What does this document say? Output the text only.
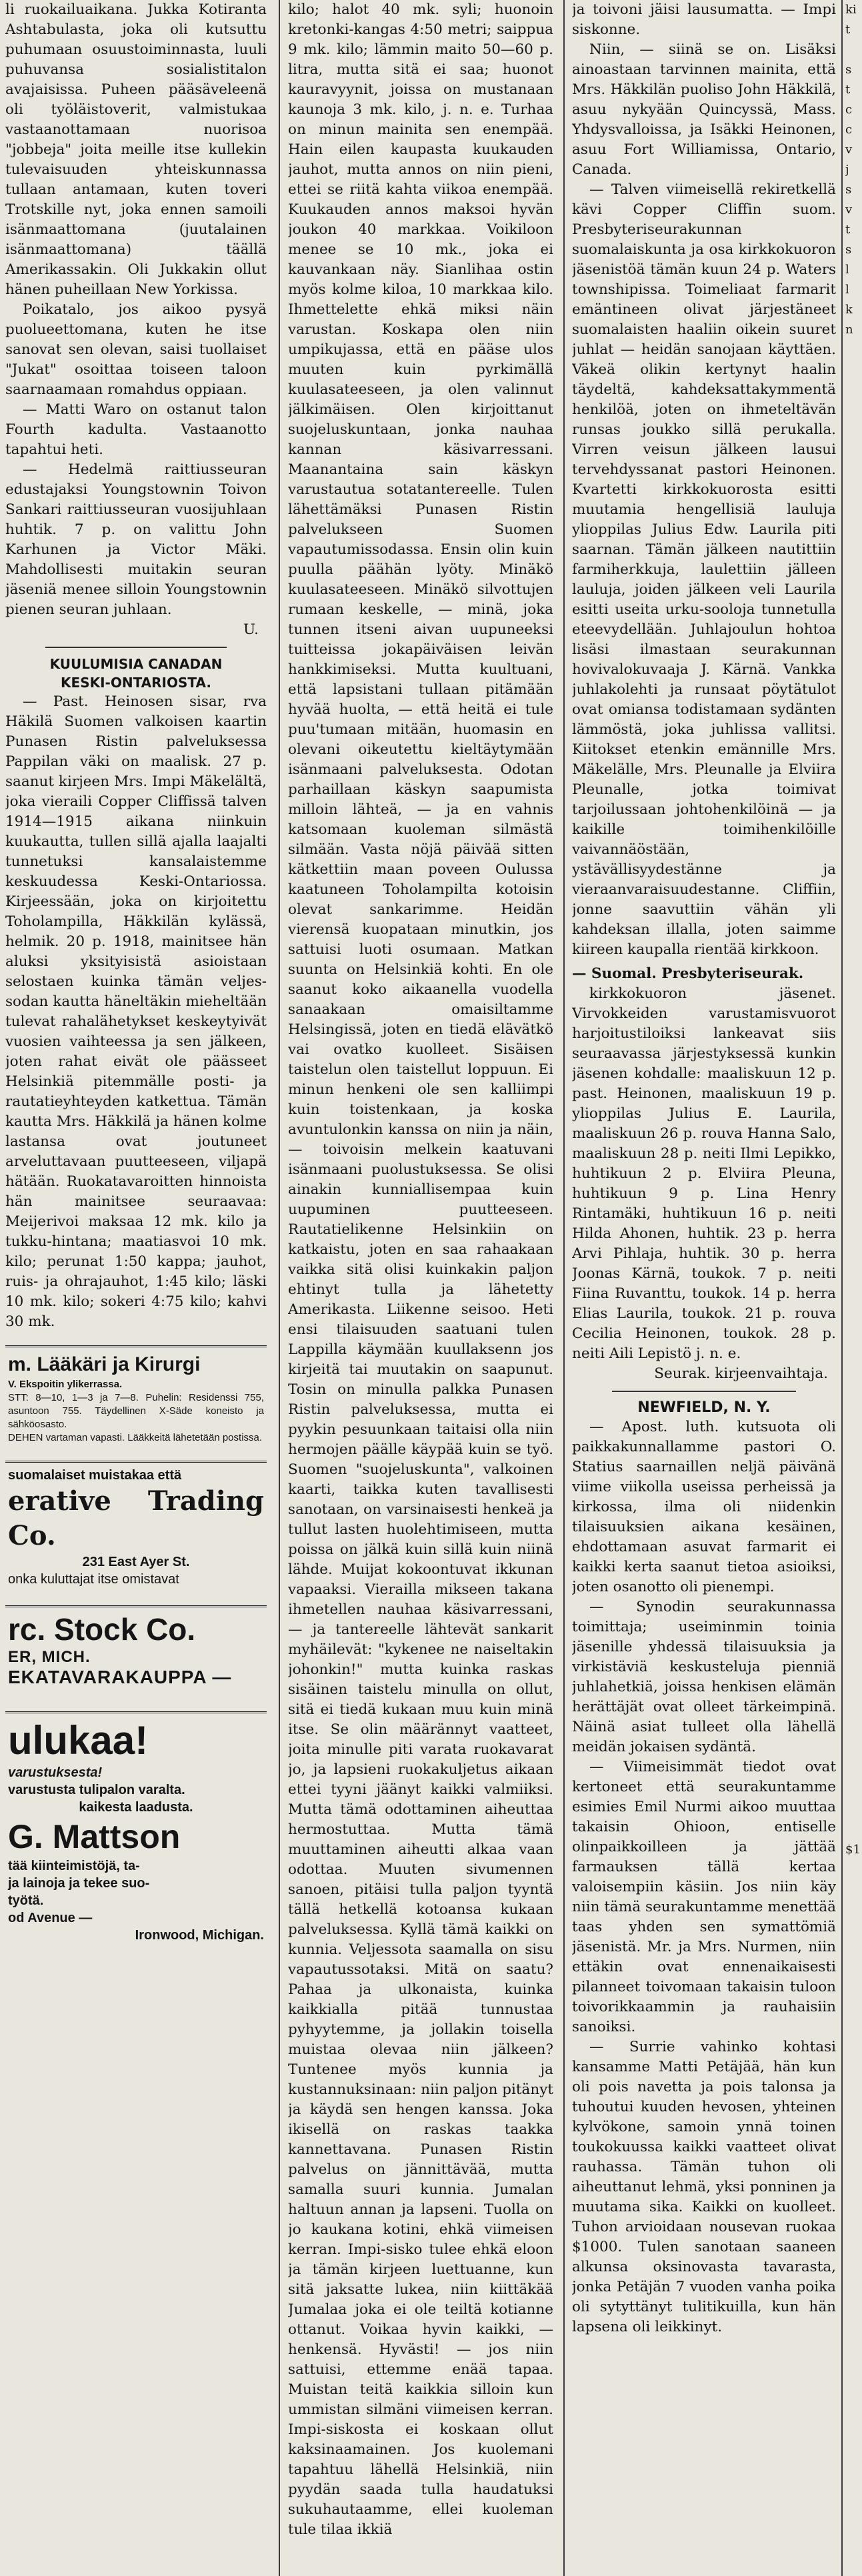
li ruokailuaikana. Jukka Kotiranta Ashtabulasta, joka oli kutsuttu puhumaan osuustoiminnasta, luuli puhuvansa sosialistitalon avajaisissa. Puheen pääsäveleenä oli työläistoverit, valmistukaa vastaanottamaan nuorisoa "jobbeja" joita meille itse kullekin tulevaisuuden yhteiskunnassa tullaan antamaan, kuten toveri Trotskille nyt, joka ennen samoili isänmaattomana (juutalainen isänmaattomana) täällä Amerikassakin. Oli Jukkakin ollut hänen puheillaan New Yorkissa.

Poikatalo, jos aikoo pysyä puolueettomana, kuten he itse sanovat sen olevan, saisi tuollaiset "Jukat" osoittaa toiseen taloon saarnaamaan romahdus oppiaan.

— Matti Waro on ostanut talon Fourth kadulta. Vastaanotto tapahtui heti.

— Hedelmä raittiusseuran edustajaksi Youngstownin Toivon Sankari raittiusseuran vuosijuhlaan huhtik. 7 p. on valittu John Karhunen ja Victor Mäki. Mahdollisesti muitakin seuran jäseniä menee silloin Youngstownin pienen seuran juhlaan.

U.

KUULUMISIA CANADAN

KESKI-ONTARIOSTA.

— Past. Heinosen sisar, rva Häkilä Suomen valkoisen kaartin Punasen Ristin palveluksessa Pappilan väki on maalisk. 27 p. saanut kirjeen Mrs. Impi Mäkelältä, joka vieraili Copper Cliffissä talven 1914—1915 aikana niinkuin kuukautta, tullen sillä ajalla laajalti tunnetuksi kansalaistemme keskuudessa Keski-Ontariossa. Kirjeessään, joka on kirjoitettu Toholampilla, Häkkilän kylässä, helmik. 20 p. 1918, mainitsee hän aluksi yksityisistä asioistaan selostaen kuinka tämän veljes-sodan kautta häneltäkin mieheltään tulevat rahalähetykset keskeytyivät vuosien vaihteessa ja sen jälkeen, joten rahat eivät ole päässeet Helsinkiä pitemmälle posti- ja rautatieyhteyden katkettua. Tämän kautta Mrs. Häkkilä ja hänen kolme lastansa ovat joutuneet arveluttavaan puutteeseen, viljapä hätään. Ruokatavaroitten hinnoista hän mainitsee seuraavaa: Meijerivoi maksaa 12 mk. kilo ja tukku-hintana; maatiasvoi 10 mk. kilo; perunat 1:50 kappa; jauhot, ruis- ja ohrajauhot, 1:45 kilo; läski 10 mk. kilo; sokeri 4:75 kilo; kahvi 30 mk.

m. Lääkäri ja Kirurgi
V. Ekspoitin ylikerrassa.
STT: 8—10, 1—3 ja 7—8. Puhelin: Residenssi 755, asuntoon 755. Täydellinen X-Säde koneisto ja sähköosasto.
DEHEN vartaman vapasti. Lääkkeitä lähetetään postissa.
suomalaiset muistakaa että
erative Trading Co.
231 East Ayer St.
onka kuluttajat itse omistavat
rc. Stock Co.
ER, MICH.
EKATAVARAKAUPPA —
ulukaa!
varustuksesta!
varustusta tulipalon varalta.
kaikesta laadusta.
G. Mattson
tää kiinteimistöjä, ta-
ja lainoja ja tekee suo-
työtä.
od Avenue —
Ironwood, Michigan.

kilo; halot 40 mk. syli; huonoin kretonki-kangas 4:50 metri; saippua 9 mk. kilo; lämmin maito 50—60 p. litra, mutta sitä ei saa; huonot kauravyynit, joissa on mustanaan kaunoja 3 mk. kilo, j. n. e. Turhaa on minun mainita sen enempää. Hain eilen kaupasta kuukauden jauhot, mutta annos on niin pieni, ettei se riitä kahta viikoa enempää. Kuukauden annos maksoi hyvän joukon 40 markkaa. Voikiloon menee se 10 mk., joka ei kauvankaan näy. Sianlihaa ostin myös kolme kiloa, 10 markkaa kilo. Ihmettelette ehkä miksi näin varustan. Koskapa olen niin umpikujassa, että en pääse ulos muuten kuin pyrkimällä kuulasateeseen, ja olen valinnut jälkimäisen. Olen kirjoittanut suojeluskuntaan, jonka nauhaa kannan käsivarressani. Maanantaina sain käskyn varustautua sotatantereelle. Tulen lähettämäksi Punasen Ristin palvelukseen Suomen vapautumissodassa. Ensin olin kuin puulla päähän lyöty. Minäkö kuulasateeseen. Minäkö silvottujen rumaan keskelle, — minä, joka tunnen itseni aivan uupuneeksi tuitteissa jokapäiväisen leivän hankkimiseksi. Mutta kuultuani, että lapsistani tullaan pitämään hyvää huolta, — että heitä ei tule puu'tumaan mitään, huomasin en olevani oikeutettu kieltäytymään isänmaani palveluksesta. Odotan parhaillaan käskyn saapumista milloin lähteä, — ja en vahnis katsomaan kuoleman silmästä silmään. Vasta nöjä päivää sitten kätkettiin maan poveen Oulussa kaatuneen Toholampilta kotoisin olevat sankarimme. Heidän vierensä kuopataan minutkin, jos sattuisi luoti osumaan. Matkan suunta on Helsinkiä kohti. En ole saanut koko aikaanella vuodella sanaakaan omaisiltamme Helsingissä, joten en tiedä elävätkö vai ovatko kuolleet. Sisäisen taistelun olen taistellut loppuun. Ei minun henkeni ole sen kalliimpi kuin toistenkaan, ja koska avuntulonkin kanssa on niin ja näin, — toivoisin melkein kaatuvani isänmaani puolustuksessa. Se olisi ainakin kunniallisempaa kuin uupuminen puutteeseen. Rautatielikenne Helsinkiin on katkaistu, joten en saa rahaakaan vaikka sitä olisi kuinkakin paljon ehtinyt tulla ja lähetetty Amerikasta. Liikenne seisoo. Heti ensi tilaisuuden saatuani tulen Lappilla käymään kuullaksenn jos kirjeitä tai muutakin on saapunut. Tosin on minulla palkka Punasen Ristin palveluksessa, mutta ei pyykin pesuunkaan taitaisi olla niin hermojen päälle käypää kuin se työ. Suomen "suojeluskunta", valkoinen kaarti, taikka kuten tavallisesti sanotaan, on varsinaisesti henkeä ja tullut lasten huolehtimiseen, mutta poissa on jälkä kuin sillä kuin niinä lähde. Muijat kokoontuvat ikkunan vapaaksi. Vierailla mikseen takana ihmetellen nauhaa käsivarressani, — ja tantereelle lähtevät sankarit myhäilevät: "kykenee ne naiseltakin johonkin!" mutta kuinka raskas sisäinen taistelu minulla on ollut, sitä ei tiedä kukaan muu kuin minä itse. Se olin määrännyt vaatteet, joita minulle piti varata ruokavarat jo, ja lapsieni ruokakuljetus aikaan ettei tyyni jäänyt kaikki valmiiksi. Mutta tämä odottaminen aiheuttaa hermostuttaa. Mutta tämä muuttaminen aiheutti alkaa vaan odottaa. Muuten sivumennen sanoen, pitäisi tulla paljon tyyntä tällä hetkellä kotoansa kukaan palveluksessa. Kyllä tämä kaikki on kunnia. Veljessota saamalla on sisu vapautussotaksi. Mitä on saatu? Pahaa ja ulkonaista, kuinka kaikkialla pitää tunnustaa pyhyytemme, ja jollakin toisella muistaa olevaa niin jälkeen? Tuntenee myös kunnia ja kustannuksinaan: niin paljon pitänyt ja käydä sen hengen kanssa. Joka ikisellä on raskas taakka kannettavana. Punasen Ristin palvelus on jännittävää, mutta samalla suuri kunnia. Jumalan haltuun annan ja lapseni. Tuolla on jo kaukana kotini, ehkä viimeisen kerran. Impi-sisko tulee ehkä eloon ja tämän kirjeen luettuanne, kun sitä jaksatte lukea, niin kiittäkää Jumalaa joka ei ole teiltä kotianne ottanut. Voikaa hyvin kaikki, — henkensä. Hyvästi! — jos niin sattuisi, ettemme enää tapaa. Muistan teitä kaikkia silloin kun ummistan silmäni viimeisen kerran. Impi-siskosta ei koskaan ollut kaksinaamainen. Jos kuolemani tapahtuu lähellä Helsinkiä, niin pyydän saada tulla haudatuksi sukuhautaamme, ellei kuoleman tule tilaa ikkiä

ja toivoni jäisi lausumatta. — Impi siskonne.

Niin, — siinä se on. Lisäksi ainoastaan tarvinnen mainita, että Mrs. Häkkilän puoliso John Häkkilä, asuu nykyään Quincyssä, Mass. Yhdysvalloissa, ja Isäkki Heinonen, asuu Fort Williamissa, Ontario, Canada.

— Talven viimeisellä rekiretkellä kävi Copper Cliffin suom. Presbyteriseurakunnan suomalaiskunta ja osa kirkkokuoron jäsenistöä tämän kuun 24 p. Waters townshipissa. Toimeliaat farmarit emäntineen olivat järjestäneet suomalaisten haaliin oikein suuret juhlat — heidän sanojaan käyttäen. Väkeä olikin kertynyt haalin täydeltä, kahdeksattakymmentä henkilöä, joten on ihmeteltävän runsas joukko sillä perukalla. Virren veisun jälkeen lausui tervehdyssanat pastori Heinonen. Kvartetti kirkkokuorosta esitti muutamia hengellisiä lauluja ylioppilas Julius Edw. Laurila piti saarnan. Tämän jälkeen nautittiin farmiherkkuja, laulettiin jälleen lauluja, joiden jälkeen veli Laurila esitti useita urku-sooloja tunnetulla eteevydellään. Juhlajoulun hohtoa lisäsi ilmastaan seurakunnan hovivalokuvaaja J. Kärnä. Vankka juhlakolehti ja runsaat pöytätulot ovat omiansa todistamaan sydänten lämmöstä, joka juhlissa vallitsi. Kiitokset etenkin emännille Mrs. Mäkelälle, Mrs. Pleunalle ja Elviira Pleunalle, jotka toimivat tarjoilussaan johtohenkilöinä — ja kaikille toimihenkilöille vaivannäöstään, ystävällisyydestänne ja vieraanvaraisuudestanne. Cliffiin, jonne saavuttiin vähän yli kahdeksan illalla, joten saimme kiireen kaupalla rientää kirkkoon.

— Suomal. Presbyteriseurak.

kirkkokuoron jäsenet. Virvokkeiden varustamisvuorot harjoitustiloiksi lankeavat siis seuraavassa järjestyksessä kunkin jäsenen kohdalle: maaliskuun 12 p. past. Heinonen, maaliskuun 19 p. ylioppilas Julius E. Laurila, maaliskuun 26 p. rouva Hanna Salo, maaliskuun 28 p. neiti Ilmi Lepikko, huhtikuun 2 p. Elviira Pleuna, huhtikuun 9 p. Lina Henry Rintamäki, huhtikuun 16 p. neiti Hilda Ahonen, huhtik. 23 p. herra Arvi Pihlaja, huhtik. 30 p. herra Joonas Kärnä, toukok. 7 p. neiti Fiina Ruvanttu, toukok. 14 p. herra Elias Laurila, toukok. 21 p. rouva Cecilia Heinonen, toukok. 28 p. neiti Aili Lepistö j. n. e.

Seurak. kirjeenvaihtaja.

NEWFIELD, N. Y.

— Apost. luth. kutsuota oli paikkakunnallamme pastori O. Statius saarnaillen neljä päivänä viime viikolla useissa perheissä ja kirkossa, ilma oli niidenkin tilaisuuksien aikana kesäinen, ehdottamaan asuvat farmarit ei kaikki kerta saanut tietoa asioiksi, joten osanotto oli pienempi.

— Synodin seurakunnassa toimittaja; useiminmin toinia jäsenille yhdessä tilaisuuksia ja virkistäviä keskusteluja pienniä juhlahetkiä, joissa henkisen elämän herättäjät ovat olleet tärkeimpinä. Näinä asiat tulleet olla lähellä meidän jokaisen sydäntä.

— Viimeisimmät tiedot ovat kertoneet että seurakuntamme esimies Emil Nurmi aikoo muuttaa takaisin Ohioon, entiselle olinpaikkoilleen ja jättää farmauksen tällä kertaa valoisempiin käsiin. Jos niin käy niin tämä seurakuntamme menettää taas yhden sen symattömiä jäsenistä. Mr. ja Mrs. Nurmen, niin ettäkin ovat ennenaikaisesti pilanneet toivomaan takaisin tuloon toivorikkaammin ja rauhaisiin sanoiksi.

— Surrie vahinko kohtasi kansamme Matti Petäjää, hän kun oli pois navetta ja pois talonsa ja tuhoutui kuuden hevosen, yhteinen kylvökone, samoin ynnä toinen toukokuussa kaikki vaatteet olivat rauhassa. Tämän tuhon oli aiheuttanut lehmä, yksi ponninen ja muutama sika. Kaikki on kuolleet. Tuhon arvioidaan nousevan ruokaa $1000. Tulen sanotaan saaneen alkunsa oksinovasta tavarasta, jonka Petäjän 7 vuoden vanha poika oli sytyttänyt tulitikuilla, kun hän lapsena oli leikkinyt.

ki
t

s
t
c
c
v
j
s
v
t
s
l
l
k
n

$1
